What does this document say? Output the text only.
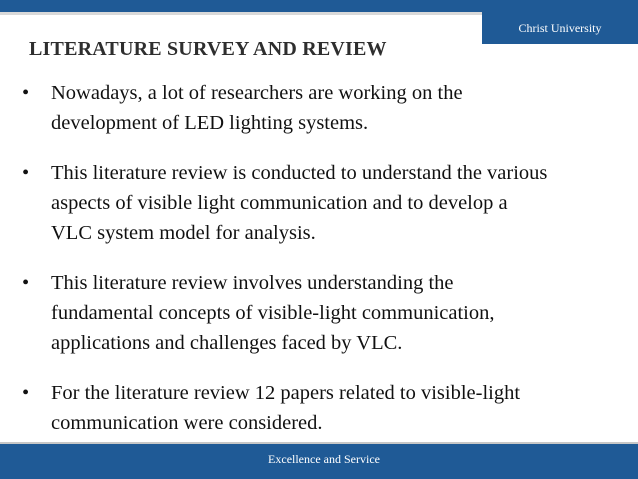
Christ University
LITERATURE SURVEY AND REVIEW
•	Nowadays, a lot of researchers are working on the
development of LED lighting systems.
•	This literature review is conducted to understand the various
aspects of visible light communication and to develop a
VLC system model for analysis.
•	This literature review involves understanding the
fundamental concepts of visible-light communication,
applications and challenges faced by VLC.
•	For the literature review 12 papers related to visible-light
communication were considered.
Excellence and Service
